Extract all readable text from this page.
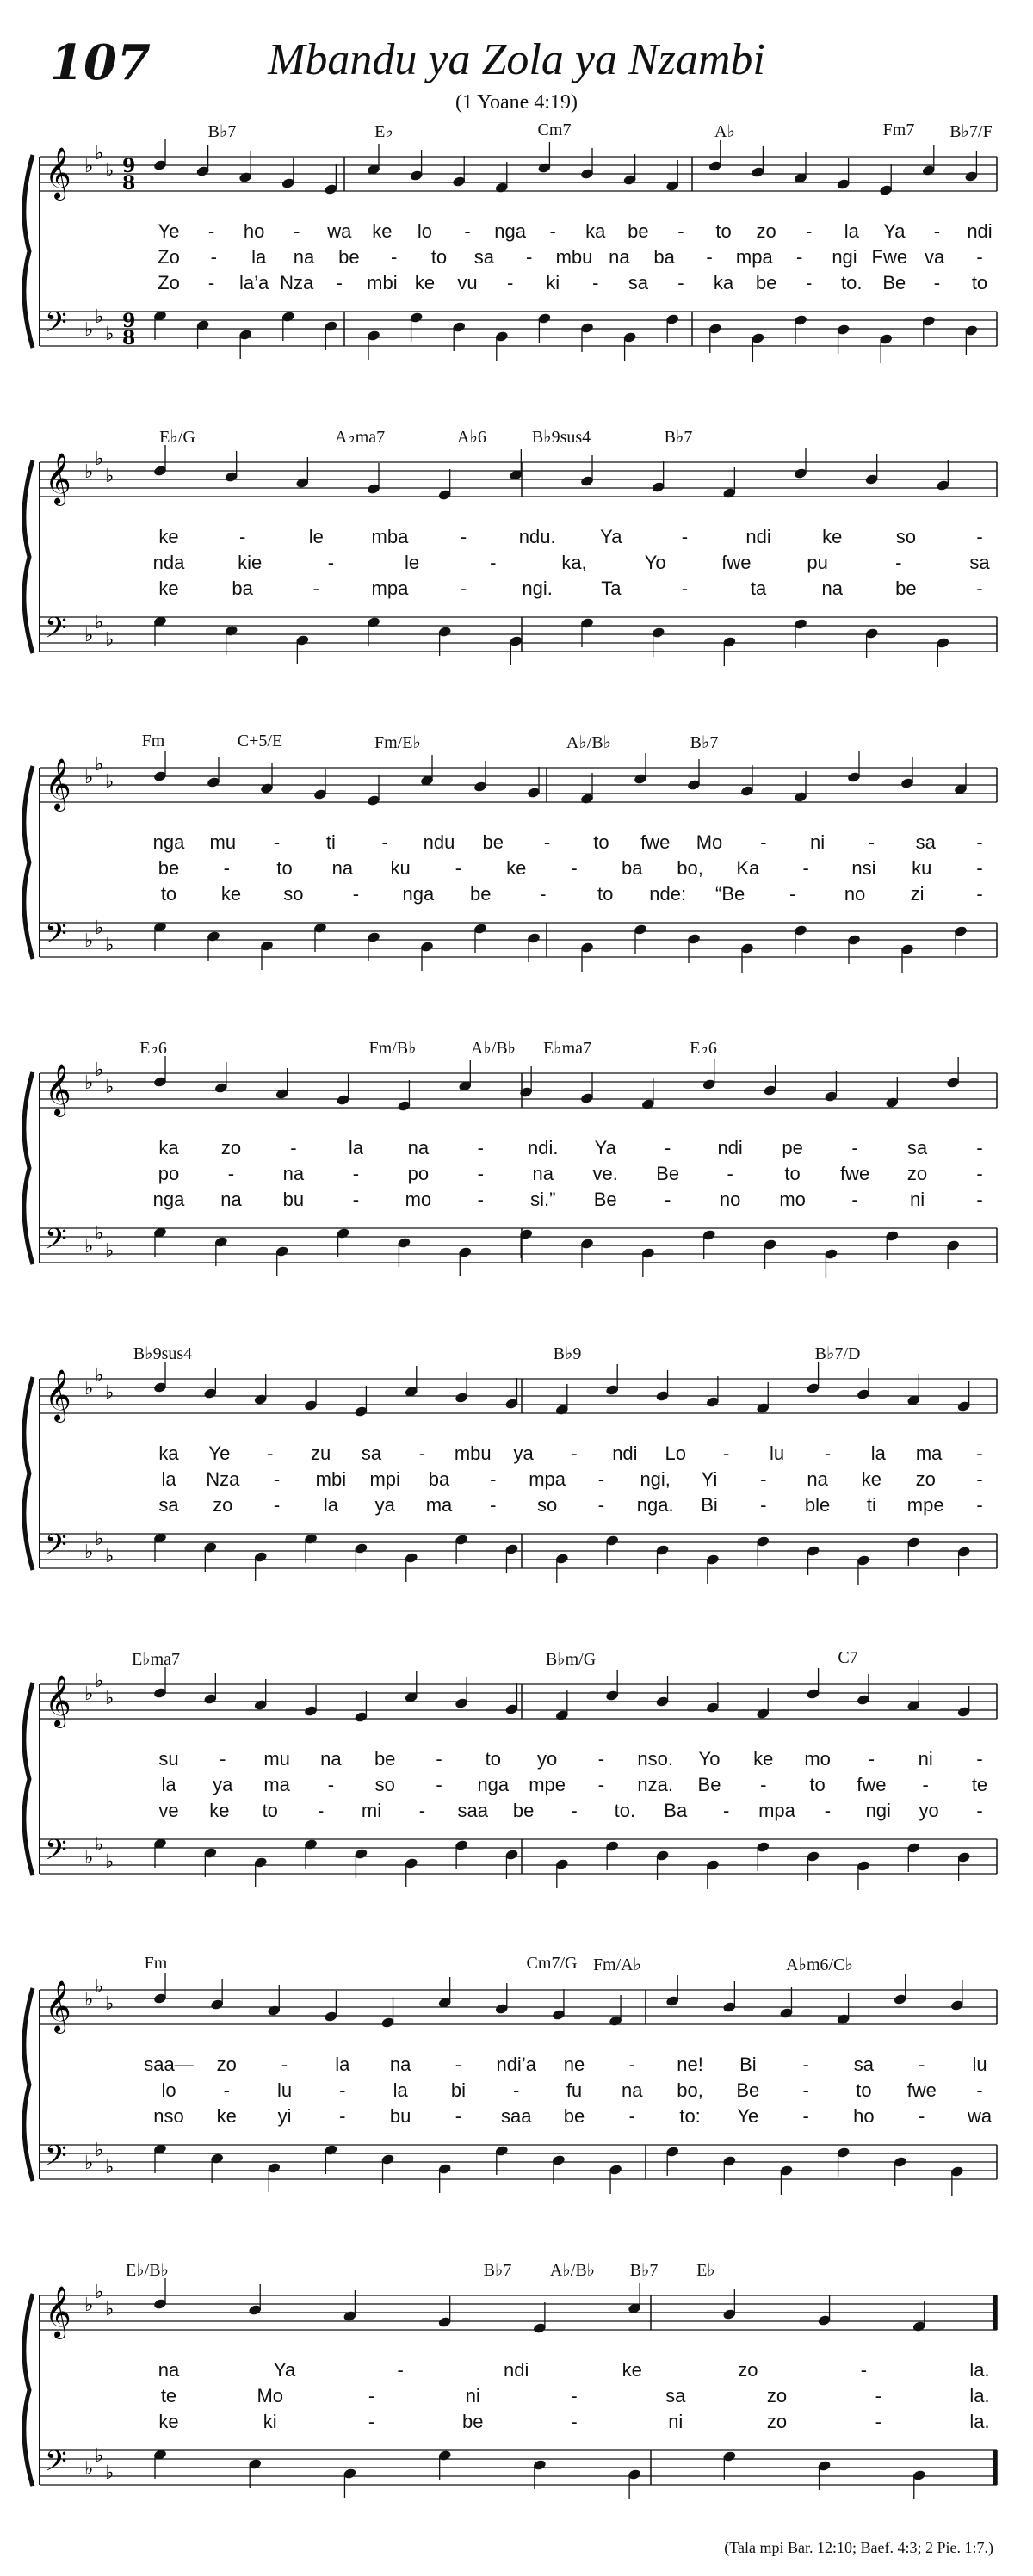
107	Mbandu ya Zola ya Nzambi
(1 Yoane 4:19)
𝄞 ♭
♭
♭ 9
8
𝄢 ♭
♭
♭
9
8
B♭7	E♭	Cm7	A♭	Fm7 B♭7/F
Ye - ho - wa ke lo - nga - ka be - to zo - la Ya - ndi
Zo - la na be - to sa - mbu na ba - mpa - ngi Fwe va -
Zo - la’a Nza - mbi ke vu - ki - sa - ka be - to. Be - to
𝄞 ♭
♭
♭
𝄢 ♭
♭
♭
E♭/G	A♭ma7	A♭6	B♭9sus4	B♭7
ke	-	le	mba	-	ndu. Ya	-	ndi	ke	so	-
nda	kie	-	le	-	ka,	Yo	fwe	pu	-	sa
ke	ba	-	mpa	-	ngi.	Ta	-	ta	na	be	-
𝄞 ♭
♭
♭
𝄢 ♭
♭
♭
Fm	C+5/E	Fm/E♭	A♭/B♭	B♭7
nga mu - ti - ndu be - to fwe Mo - ni - sa -
be - to na ku - ke - ba bo, Ka - nsi ku -
to ke so	- nga be	-	to nde: “Be -	no zi	-
𝄞 ♭
♭
♭
𝄢 ♭
♭
♭
E♭6	Fm/B♭	A♭/B♭ E♭ma7	E♭6
ka zo	-	la na	- ndi. Ya	- ndi pe	-	sa	-
po	-	na	-	po	-	na ve. Be	-	to fwe zo	-
nga na bu	- mo - si.” Be	-	no mo -	ni	-
𝄞 ♭
♭
♭
𝄢 ♭
♭
♭
B♭9sus4	B♭9	B♭7/D
ka Ye - zu sa - mbu ya - ndi Lo - lu - la ma -
la Nza - mbi mpi ba - mpa - ngi, Yi - na ke zo -
sa zo - la ya ma - so - nga. Bi - ble ti mpe -
𝄞 ♭
♭
♭
𝄢 ♭
♭
♭
E♭ma7	B♭m/G	C7
su - mu na be - to yo - nso. Yo ke mo - ni -
la ya ma - so - nga mpe - nza. Be - to fwe - te
ve ke to - mi - saa be - to. Ba - mpa - ngi yo -
𝄞 ♭
♭
♭
𝄢 ♭
♭
♭
Fm	Cm7/G Fm/A♭	A♭m6/C♭
saa— zo -	la na - ndi’a ne - ne! Bi - sa -	lu
lo	-	lu	-	la bi	- fu na bo, Be - to fwe -
nso ke yi	- bu - saa be - to: Ye - ho - wa
𝄞 ♭
♭
♭
𝄢 ♭
♭
♭
E♭/B♭	B♭7 A♭/B♭ B♭7 E♭
na	Ya	-	ndi	ke	zo	-	la.
te	Mo	-	ni	-	sa	zo	-	la.
ke	ki	-	be	-	ni	zo	-	la.
(Tala mpi Bar. 12:10; Baef. 4:3; 2 Pie. 1:7.)
